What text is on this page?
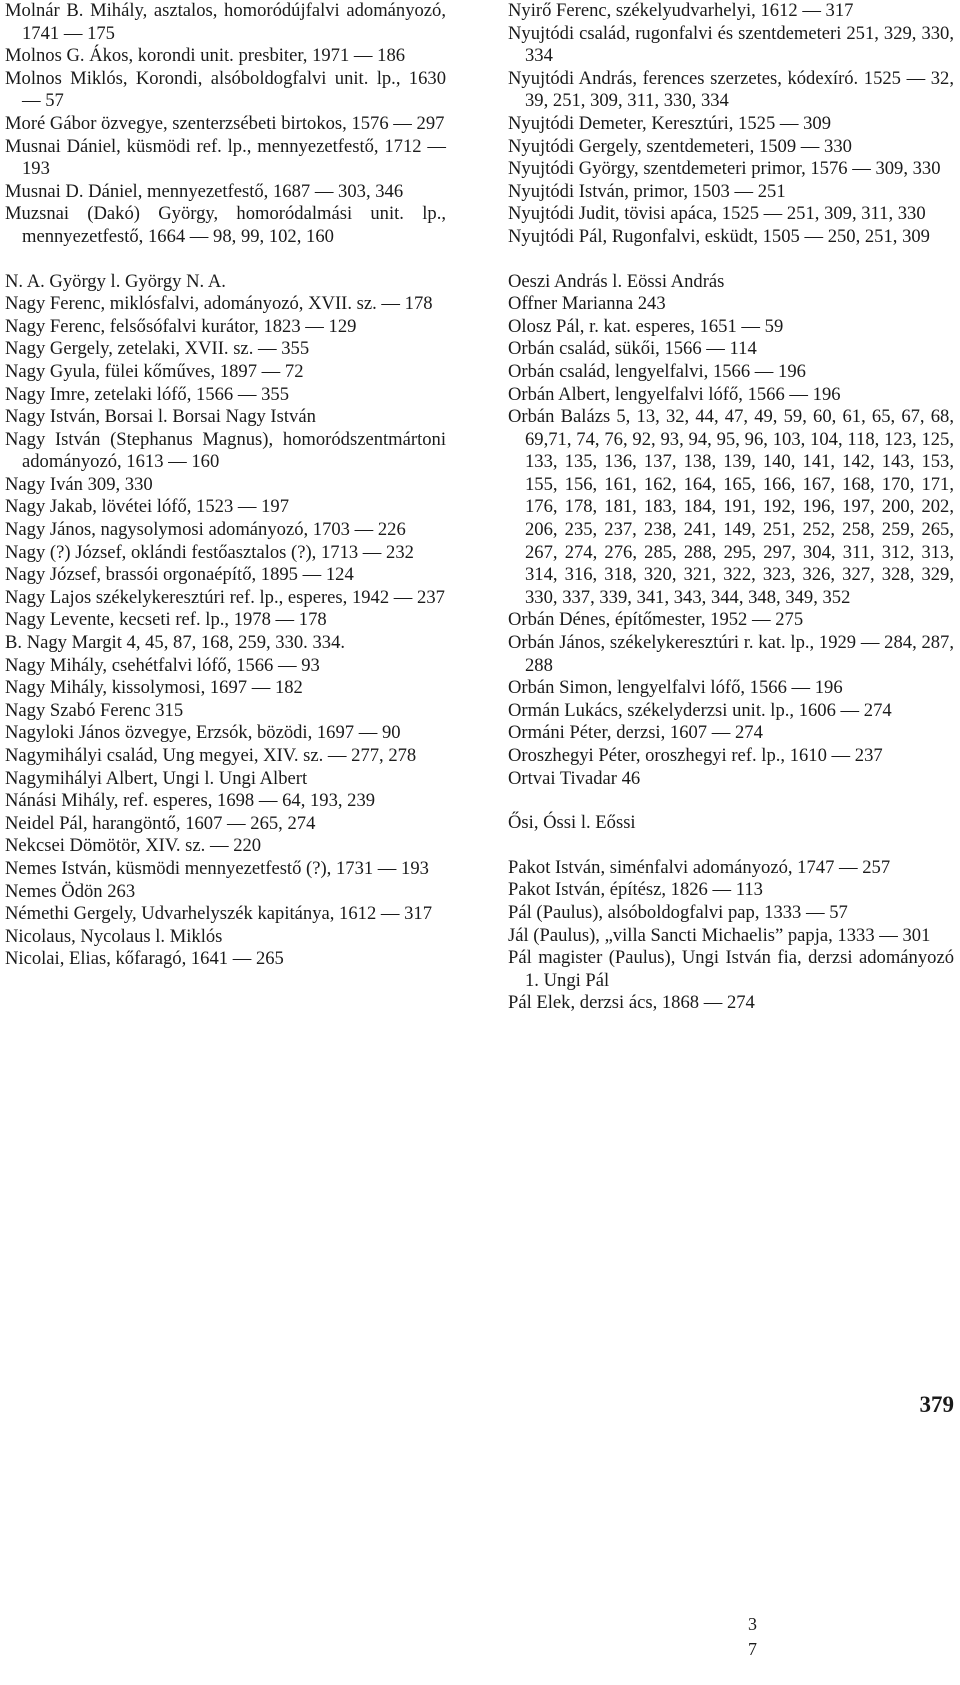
Molnár B. Mihály, asztalos, homoródújfalvi adományozó, 1741 — 175

Molnos G. Ákos, korondi unit. presbiter, 1971 — 186

Molnos Miklós, Korondi, alsóboldogfalvi unit. lp., 1630 — 57

Moré Gábor özvegye, szenterzsébeti birtokos, 1576 — 297

Musnai Dániel, küsmödi ref. lp., mennyezetfestő, 1712 — 193

Musnai D. Dániel, mennyezetfestő, 1687 — 303, 346

Muzsnai (Dakó) György, homoródalmási unit. lp., mennyezetfestő, 1664 — 98, 99, 102, 160

N. A. György l. György N. A.

Nagy Ferenc, miklósfalvi, adományozó, XVII. sz. — 178

Nagy Ferenc, felsősófalvi kurátor, 1823 — 129

Nagy Gergely, zetelaki, XVII. sz. — 355

Nagy Gyula, fülei kőműves, 1897 — 72

Nagy Imre, zetelaki lófő, 1566 — 355

Nagy István, Borsai l. Borsai Nagy István

Nagy István (Stephanus Magnus), homoródszentmártoni adományozó, 1613 — 160

Nagy Iván 309, 330

Nagy Jakab, lövétei lófő, 1523 — 197

Nagy János, nagysolymosi adományozó, 1703 — 226

Nagy (?) József, oklándi festőasztalos (?), 1713 — 232

Nagy József, brassói orgonaépítő, 1895 — 124

Nagy Lajos székelykeresztúri ref. lp., esperes, 1942 — 237

Nagy Levente, kecseti ref. lp., 1978 — 178

B. Nagy Margit 4, 45, 87, 168, 259, 330. 334.

Nagy Mihály, csehétfalvi lófő, 1566 — 93

Nagy Mihály, kissolymosi, 1697 — 182

Nagy Szabó Ferenc 315

Nagyloki János özvegye, Erzsók, bözödi, 1697 — 90

Nagymihályi család, Ung megyei, XIV. sz. — 277, 278

Nagymihályi Albert, Ungi l. Ungi Albert

Nánási Mihály, ref. esperes, 1698 — 64, 193, 239

Neidel Pál, harangöntő, 1607 — 265, 274

Nekcsei Dömötör, XIV. sz. — 220

Nemes István, küsmödi mennyezetfestő (?), 1731 — 193

Nemes Ödön 263

Némethi Gergely, Udvarhelyszék kapitánya, 1612 — 317

Nicolaus, Nycolaus l. Miklós

Nicolai, Elias, kőfaragó, 1641 — 265

Nyirő Ferenc, székelyudvarhelyi, 1612 — 317

Nyujtódi család, rugonfalvi és szentdemeteri 251, 329, 330, 334

Nyujtódi András, ferences szerzetes, kódexíró. 1525 — 32, 39, 251, 309, 311, 330, 334

Nyujtódi Demeter, Keresztúri, 1525 — 309

Nyujtódi Gergely, szentdemeteri, 1509 — 330

Nyujtódi György, szentdemeteri primor, 1576 — 309, 330

Nyujtódi István, primor, 1503 — 251

Nyujtódi Judit, tövisi apáca, 1525 — 251, 309, 311, 330

Nyujtódi Pál, Rugonfalvi, esküdt, 1505 — 250, 251, 309

Oeszi András l. Eössi András

Offner Marianna 243

Olosz Pál, r. kat. esperes, 1651 — 59

Orbán család, sükői, 1566 — 114

Orbán család, lengyelfalvi, 1566 — 196

Orbán Albert, lengyelfalvi lófő, 1566 — 196

Orbán Balázs 5, 13, 32, 44, 47, 49, 59, 60, 61, 65, 67, 68, 69,71, 74, 76, 92, 93, 94, 95, 96, 103, 104, 118, 123, 125, 133, 135, 136, 137, 138, 139, 140, 141, 142, 143, 153, 155, 156, 161, 162, 164, 165, 166, 167, 168, 170, 171, 176, 178, 181, 183, 184, 191, 192, 196, 197, 200, 202, 206, 235, 237, 238, 241, 149, 251, 252, 258, 259, 265, 267, 274, 276, 285, 288, 295, 297, 304, 311, 312, 313, 314, 316, 318, 320, 321, 322, 323, 326, 327, 328, 329, 330, 337, 339, 341, 343, 344, 348, 349, 352

Orbán Dénes, építőmester, 1952 — 275

Orbán János, székelykeresztúri r. kat. lp., 1929 — 284, 287, 288

Orbán Simon, lengyelfalvi lófő, 1566 — 196

Ormán Lukács, székelyderzsi unit. lp., 1606 — 274

Ormáni Péter, derzsi, 1607 — 274

Oroszhegyi Péter, oroszhegyi ref. lp., 1610 — 237

Ortvai Tivadar 46

Ősi, Óssi l. Eőssi

Pakot István, siménfalvi adományozó, 1747 — 257

Pakot István, építész, 1826 — 113

Pál (Paulus), alsóboldogfalvi pap, 1333 — 57

Jál (Paulus), „villa Sancti Michaelis” papja, 1333 — 301

Pál magister (Paulus), Ungi István fia, derzsi adományozó 1. Ungi Pál

Pál Elek, derzsi ács, 1868 — 274

379
3
7
